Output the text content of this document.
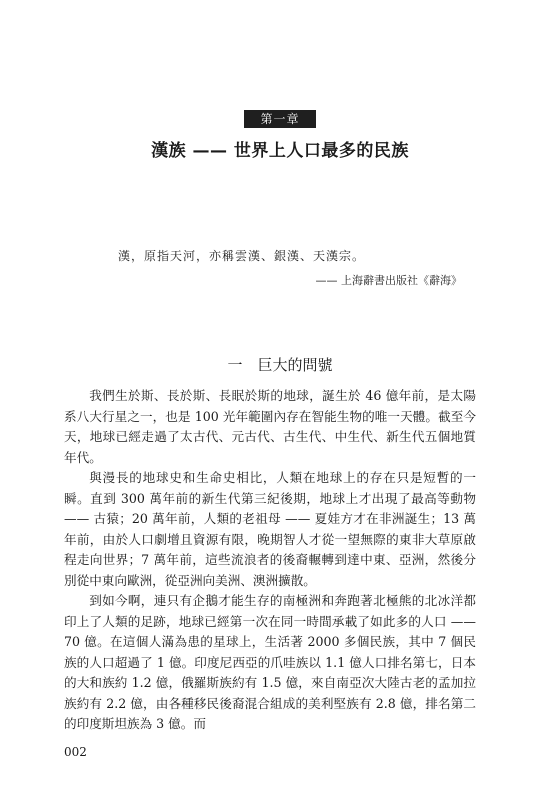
第一章
漢族 —— 世界上人口最多的民族
漢，原指天河，亦稱雲漢、銀漢、天漢宗。
—— 上海辭書出版社《辭海》
一　巨大的問號

我們生於斯、長於斯、長眠於斯的地球，誕生於 46 億年前，是太陽系八大行星之一，也是 100 光年範圍內存在智能生物的唯一天體。截至今天，地球已經走過了太古代、元古代、古生代、中生代、新生代五個地質年代。

與漫長的地球史和生命史相比，人類在地球上的存在只是短暫的一瞬。直到 300 萬年前的新生代第三紀後期，地球上才出現了最高等動物 —— 古猿；20 萬年前，人類的老祖母 —— 夏娃方才在非洲誕生；13 萬年前，由於人口劇增且資源有限，晚期智人才從一望無際的東非大草原啟程走向世界；7 萬年前，這些流浪者的後裔輾轉到達中東、亞洲，然後分別從中東向歐洲，從亞洲向美洲、澳洲擴散。

到如今啊，連只有企鵝才能生存的南極洲和奔跑著北極熊的北冰洋都印上了人類的足跡，地球已經第一次在同一時間承載了如此多的人口 —— 70 億。在這個人滿為患的星球上，生活著 2000 多個民族，其中 7 個民族的人口超過了 1 億。印度尼西亞的爪哇族以 1.1 億人口排名第七，日本的大和族約 1.2 億，俄羅斯族約有 1.5 億，來自南亞次大陸古老的孟加拉族約有 2.2 億，由各種移民後裔混合組成的美利堅族有 2.8 億，排名第二的印度斯坦族為 3 億。而

002
